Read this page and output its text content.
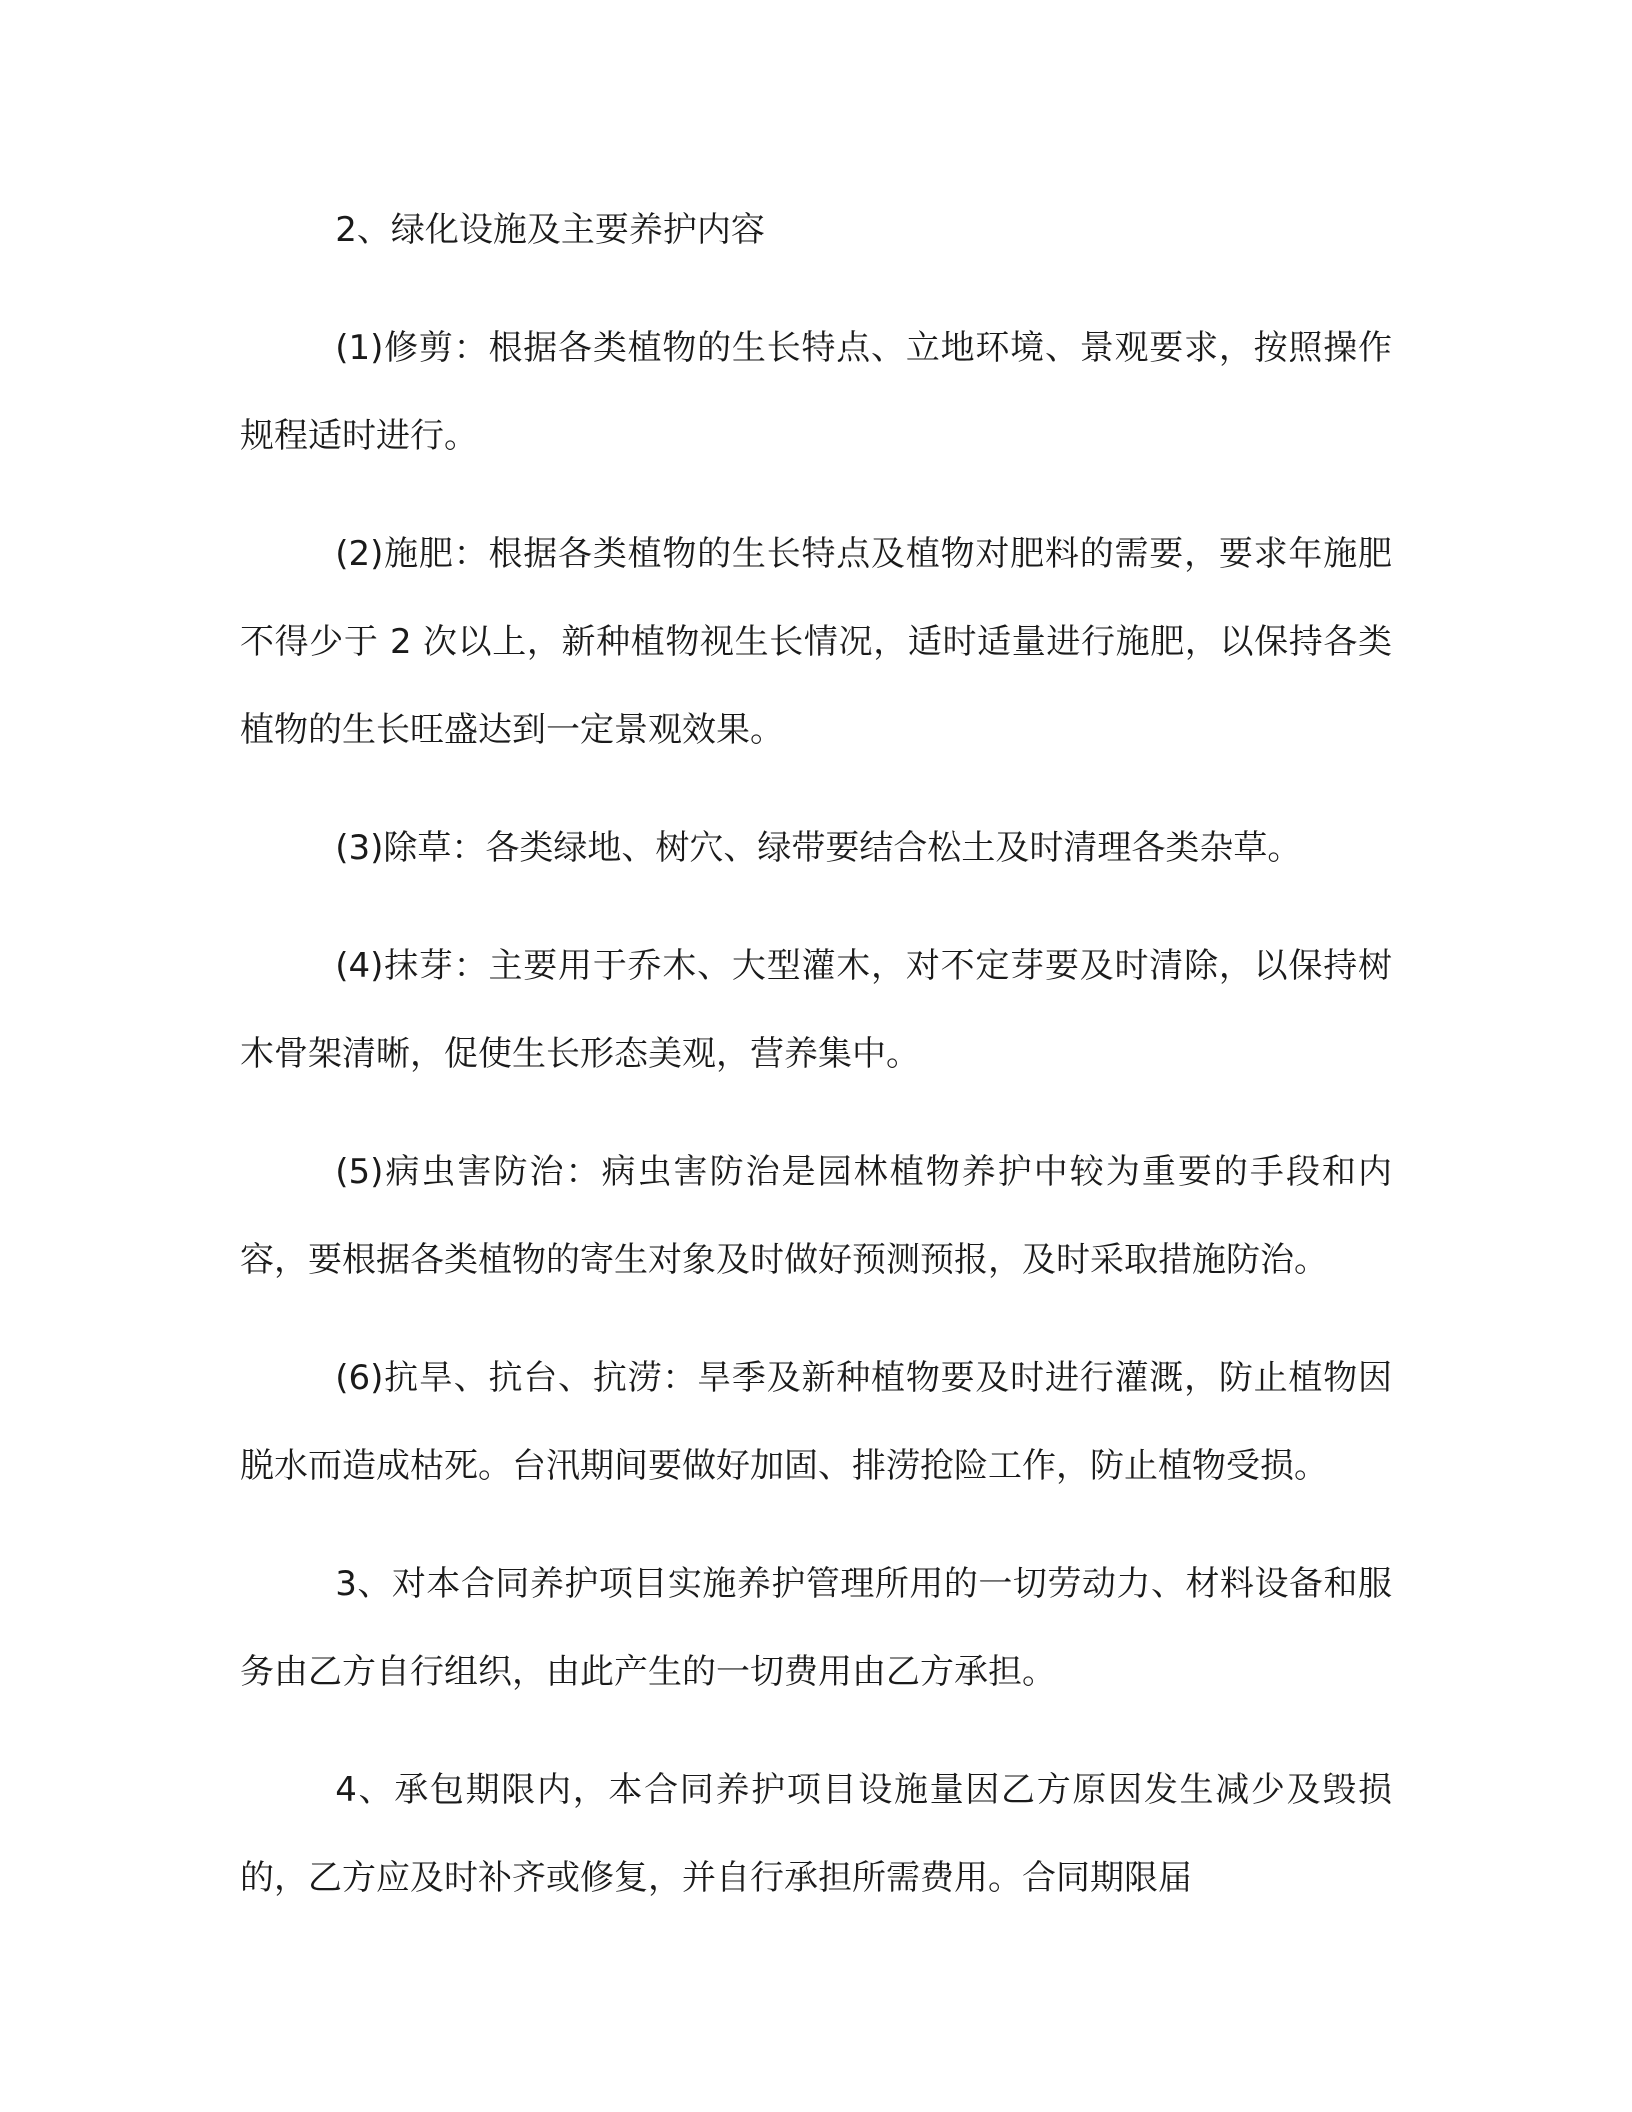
2、绿化设施及主要养护内容

(1)修剪：根据各类植物的生长特点、立地环境、景观要求，按照操作规程适时进行。

(2)施肥：根据各类植物的生长特点及植物对肥料的需要，要求年施肥不得少于 2 次以上，新种植物视生长情况，适时适量进行施肥，以保持各类植物的生长旺盛达到一定景观效果。

(3)除草：各类绿地、树穴、绿带要结合松土及时清理各类杂草。

(4)抹芽：主要用于乔木、大型灌木，对不定芽要及时清除，以保持树木骨架清晰，促使生长形态美观，营养集中。

(5)病虫害防治：病虫害防治是园林植物养护中较为重要的手段和内容，要根据各类植物的寄生对象及时做好预测预报，及时采取措施防治。

(6)抗旱、抗台、抗涝：旱季及新种植物要及时进行灌溉，防止植物因脱水而造成枯死。台汛期间要做好加固、排涝抢险工作，防止植物受损。

3、对本合同养护项目实施养护管理所用的一切劳动力、材料设备和服务由乙方自行组织，由此产生的一切费用由乙方承担。

4、承包期限内，本合同养护项目设施量因乙方原因发生减少及毁损的，乙方应及时补齐或修复，并自行承担所需费用。合同期限届
